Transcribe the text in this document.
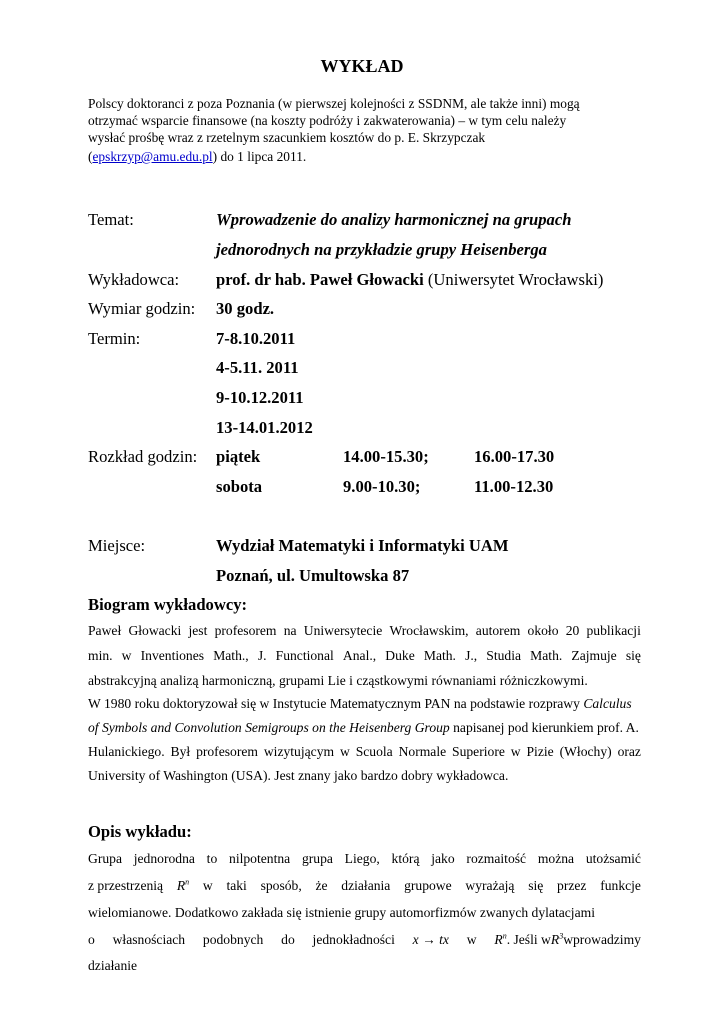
WYKŁAD
Polscy doktoranci z poza Poznania (w pierwszej kolejności z SSDNM, ale także inni) mogą
otrzymać wsparcie finansowe (na koszty podróży i zakwaterowania) – w tym celu należy
wysłać prośbę wraz z rzetelnym szacunkiem kosztów do p. E. Skrzypczak
(epskrzyp@amu.edu.pl) do 1 lipca 2011.
Temat:	Wprowadzenie do analizy harmonicznej na grupach
jednorodnych na przykładzie grupy Heisenberga
Wykładowca: prof. dr hab. Paweł Głowacki (Uniwersytet Wrocławski)
Wymiar godzin: 30 godz.
Termin:	7-8.10.2011
4-5.11. 2011
9-10.12.2011
13-14.01.2012
Rozkład godzin: piątek	14.00-15.30;	16.00-17.30
sobota	9.00-10.30;	11.00-12.30
Miejsce:	Wydział Matematyki i Informatyki UAM
Poznań, ul. Umultowska 87
Biogram wykładowcy:
Paweł Głowacki jest profesorem na Uniwersytecie Wrocławskim, autorem około 20 publikacji
min. w Inventiones Math., J. Functional Anal., Duke Math. J., Studia Math. Zajmuje się
abstrakcyjną analizą harmoniczną, grupami Lie i cząstkowymi równaniami różniczkowymi.
W 1980 roku doktoryzował się w Instytucie Matematycznym PAN na podstawie rozprawy Calculus
of Symbols and Convolution Semigroups on the Heisenberg Group napisanej pod kierunkiem prof. A.
Hulanickiego. Był profesorem wizytującym w Scuola Normale Superiore w Pizie (Włochy) oraz
University of Washington (USA). Jest znany jako bardzo dobry wykładowca.
Opis wykładu:
Grupa jednorodna to nilpotentna grupa Liego, którą jako rozmaitość można utożsamić
z przestrzenią $R^n$ w taki sposób, że działania grupowe wyrażają się przez funkcje
wielomianowe. Dodatkowo zakłada się istnienie grupy automorfizmów zwanych dylatacjami
o własnościach podobnych do jednokładności x → tx w $R^n$. Jeśli $wR^3wprowadzimy$
działanie
